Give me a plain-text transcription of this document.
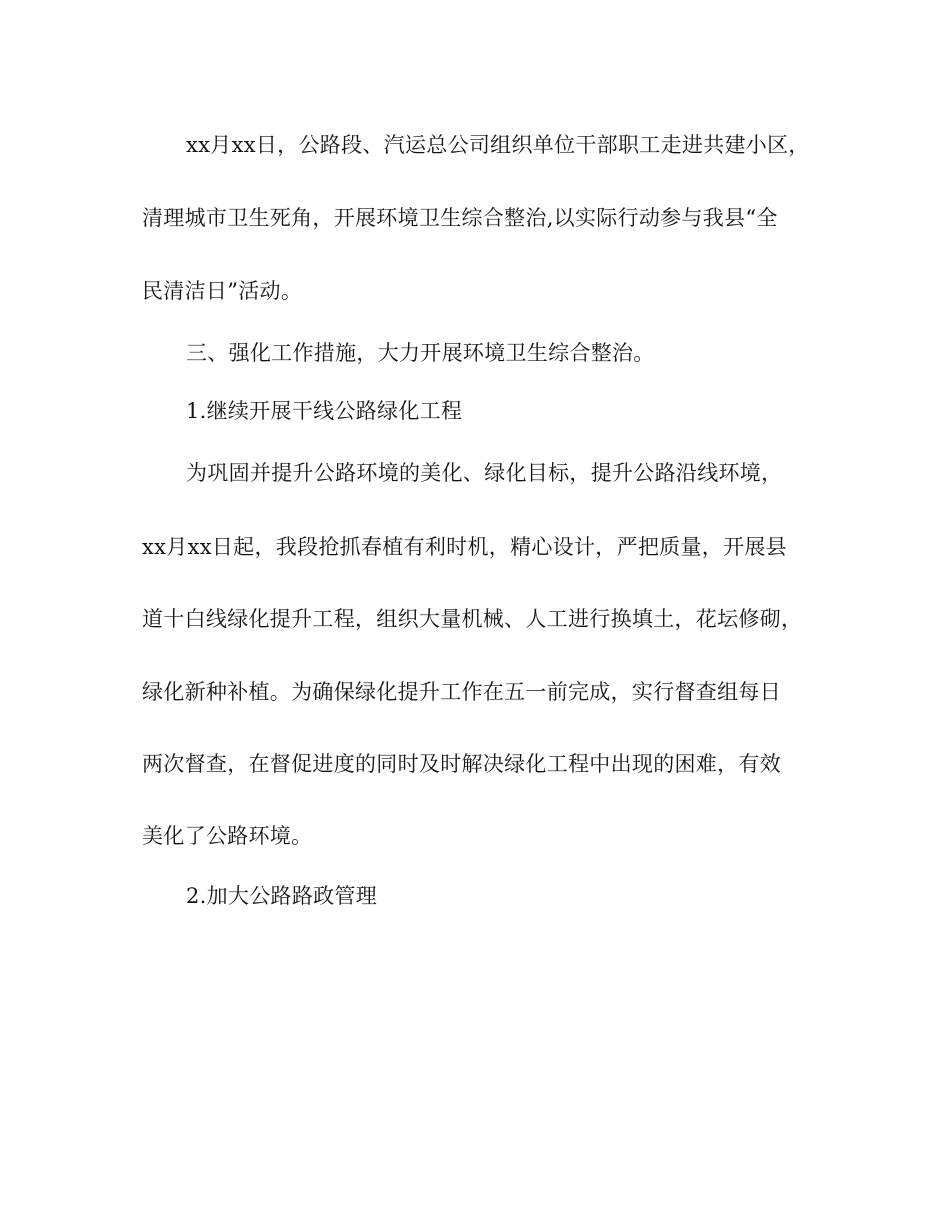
xx月xx日，公路段、汽运总公司组织单位干部职工走进共建小区，
清理城市卫生死角，开展环境卫生综合整治,以实际行动参与我县“全
民清洁日”活动。
三、强化工作措施，大力开展环境卫生综合整治。
1.继续开展干线公路绿化工程
为巩固并提升公路环境的美化、绿化目标，提升公路沿线环境，
xx月xx日起，我段抢抓春植有利时机，精心设计，严把质量，开展县
道十白线绿化提升工程，组织大量机械、人工进行换填土，花坛修砌，
绿化新种补植。为确保绿化提升工作在五一前完成，实行督查组每日
两次督查，在督促进度的同时及时解决绿化工程中出现的困难，有效
美化了公路环境。
2.加大公路路政管理
